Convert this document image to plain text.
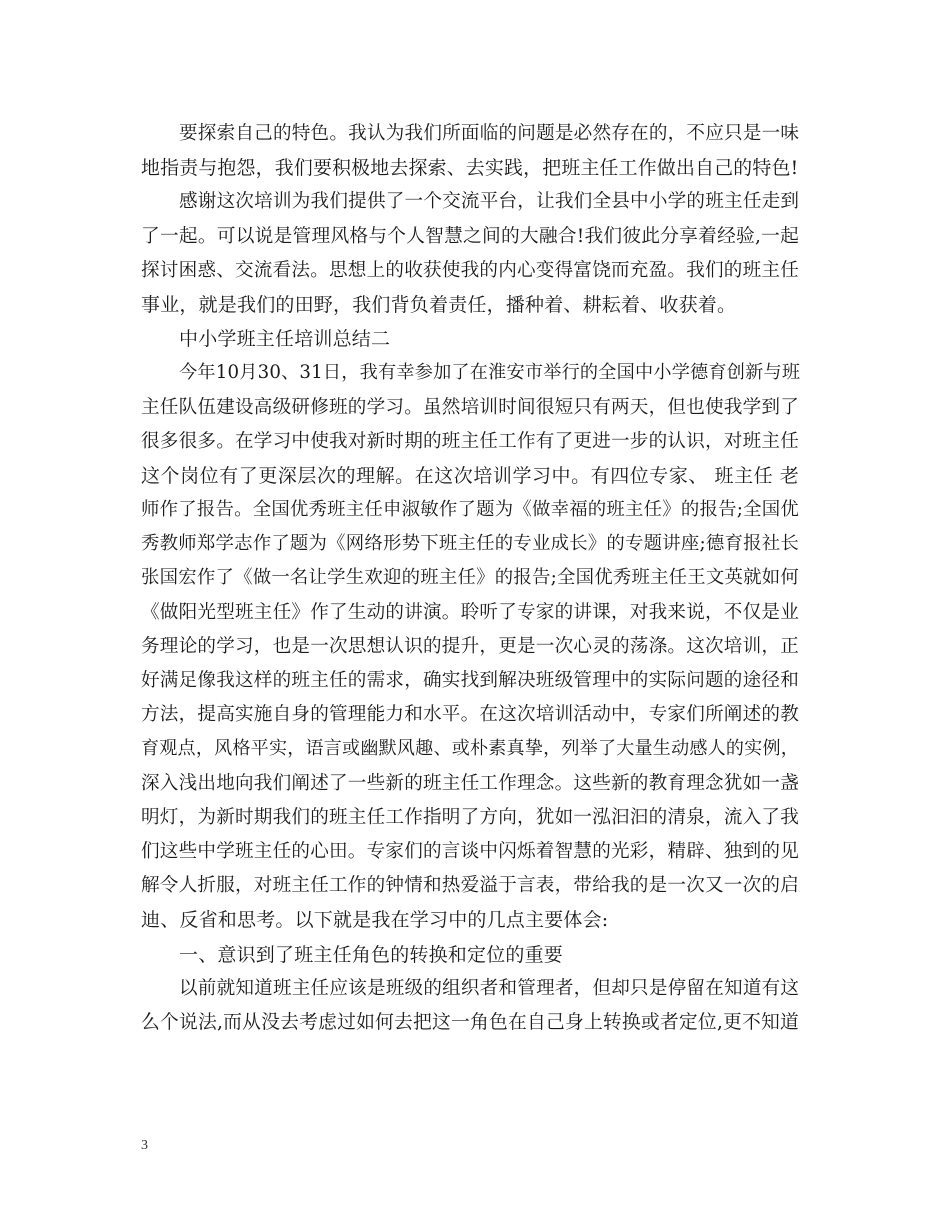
要探索自己的特色。我认为我们所面临的问题是必然存在的，不应只是一味
地指责与抱怨，我们要积极地去探索、去实践，把班主任工作做出自己的特色!
感谢这次培训为我们提供了一个交流平台，让我们全县中小学的班主任走到
了一起。可以说是管理风格与个人智慧之间的大融合!我们彼此分享着经验,一起
探讨困惑、交流看法。思想上的收获使我的内心变得富饶而充盈。我们的班主任
事业，就是我们的田野，我们背负着责任，播种着、耕耘着、收获着。
中小学班主任培训总结二
今年10月30、31日，我有幸参加了在淮安市举行的全国中小学德育创新与班
主任队伍建设高级研修班的学习。虽然培训时间很短只有两天，但也使我学到了
很多很多。在学习中使我对新时期的班主任工作有了更进一步的认识，对班主任
这个岗位有了更深层次的理解。在这次培训学习中。有四位专家、 班主任 老
师作了报告。全国优秀班主任申淑敏作了题为《做幸福的班主任》的报告;全国优
秀教师郑学志作了题为《网络形势下班主任的专业成长》的专题讲座;德育报社长
张国宏作了《做一名让学生欢迎的班主任》的报告;全国优秀班主任王文英就如何
《做阳光型班主任》作了生动的讲演。聆听了专家的讲课，对我来说，不仅是业
务理论的学习，也是一次思想认识的提升，更是一次心灵的荡涤。这次培训，正
好满足像我这样的班主任的需求，确实找到解决班级管理中的实际问题的途径和
方法，提高实施自身的管理能力和水平。在这次培训活动中，专家们所阐述的教
育观点，风格平实，语言或幽默风趣、或朴素真挚，列举了大量生动感人的实例，
深入浅出地向我们阐述了一些新的班主任工作理念。这些新的教育理念犹如一盏
明灯，为新时期我们的班主任工作指明了方向，犹如一泓汩汩的清泉，流入了我
们这些中学班主任的心田。专家们的言谈中闪烁着智慧的光彩，精辟、独到的见
解令人折服，对班主任工作的钟情和热爱溢于言表，带给我的是一次又一次的启
迪、反省和思考。以下就是我在学习中的几点主要体会:
一、意识到了班主任角色的转换和定位的重要
以前就知道班主任应该是班级的组织者和管理者，但却只是停留在知道有这
么个说法,而从没去考虑过如何去把这一角色在自己身上转换或者定位,更不知道
3
